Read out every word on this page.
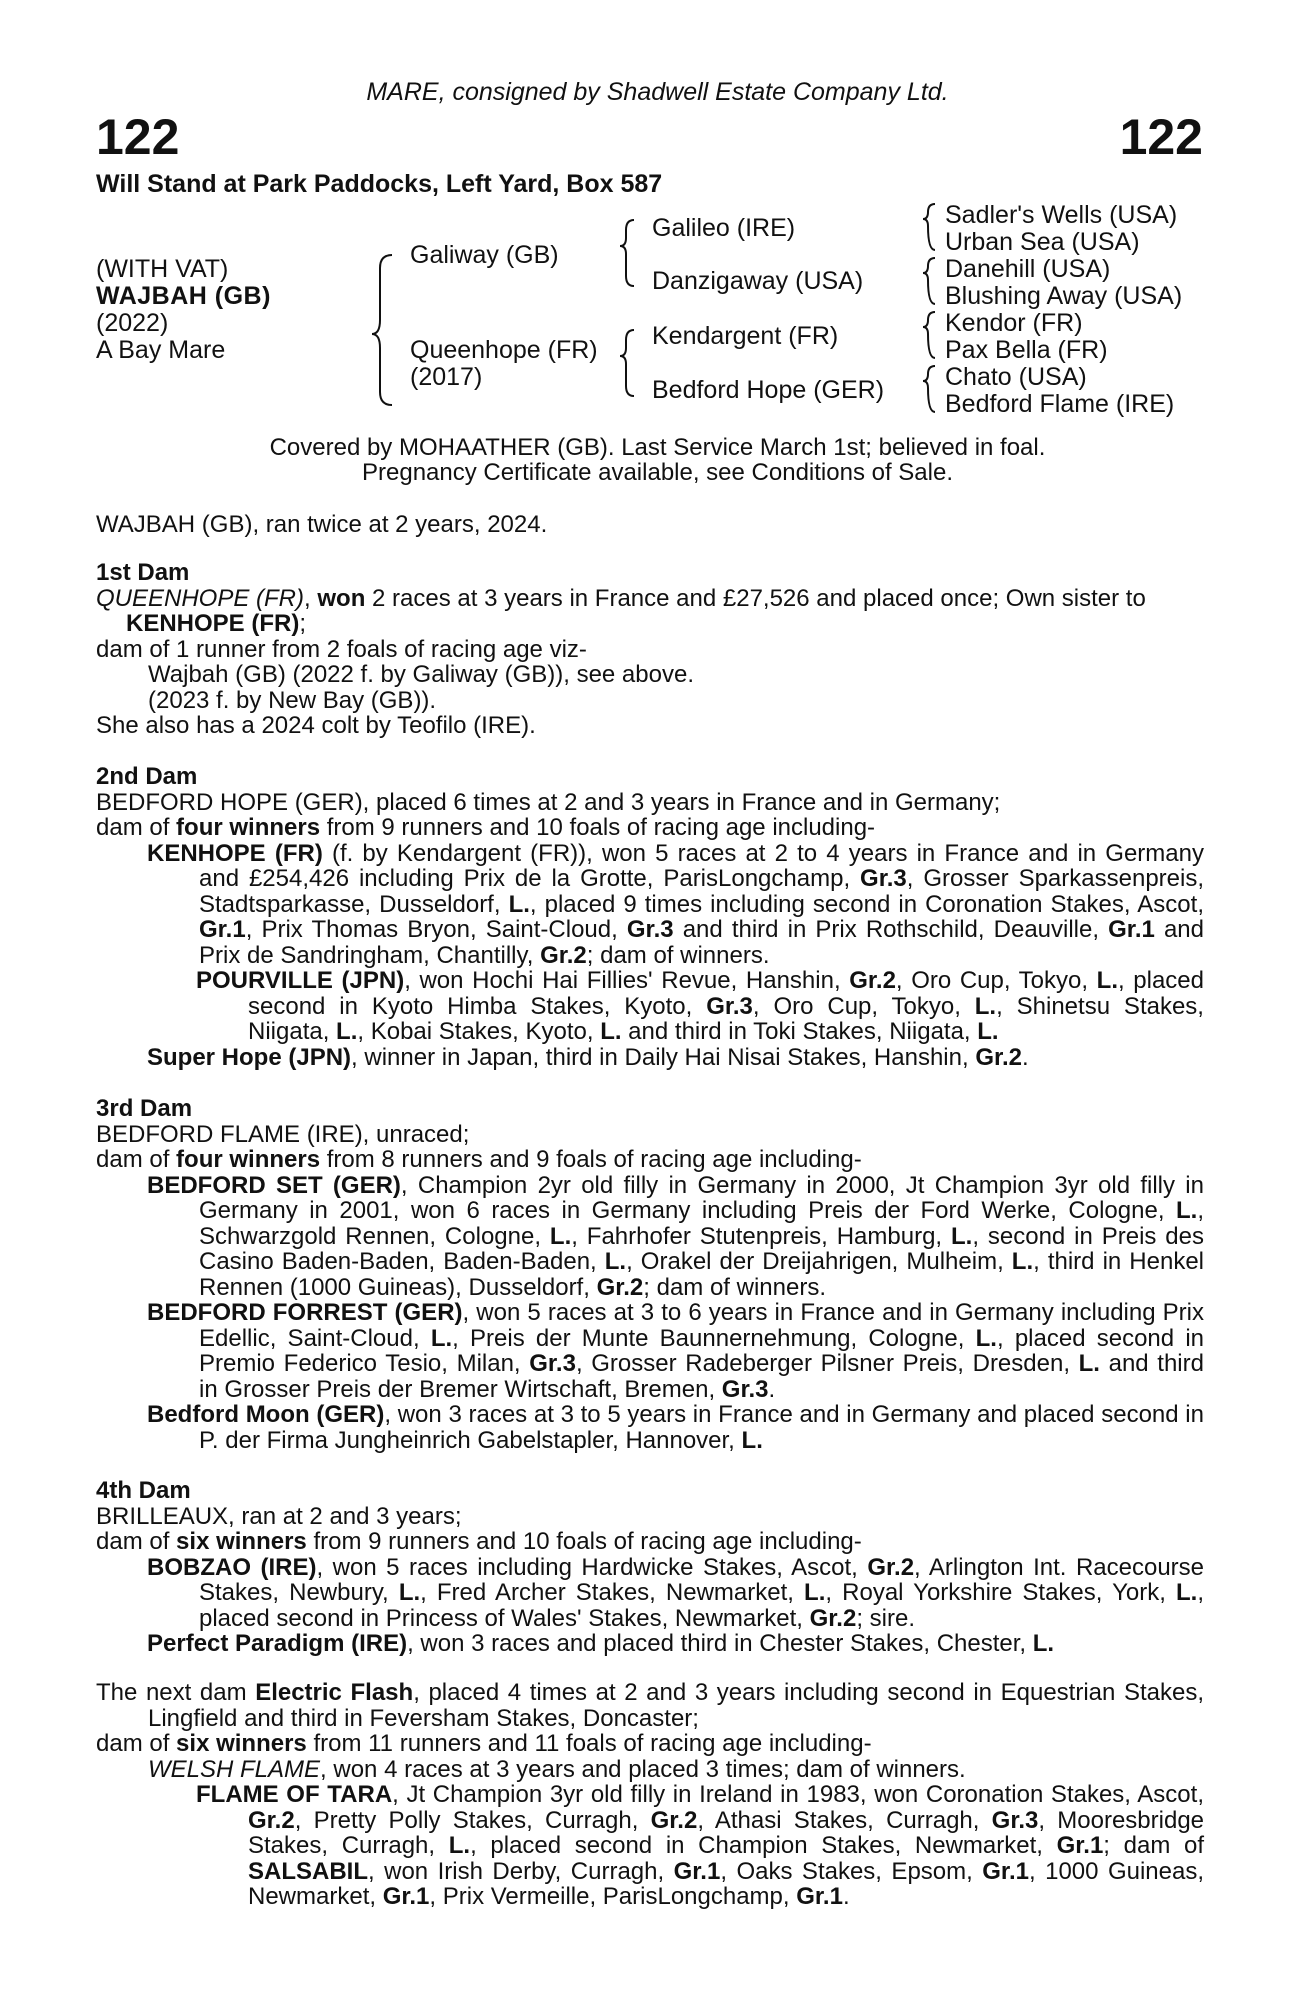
MARE, consigned by Shadwell Estate Company Ltd.
122	122
Will Stand at Park Paddocks, Left Yard, Box 587
(WITH VAT)
WAJBAH (GB)
(2022)
A Bay Mare
Galiway (GB)
Queenhope (FR)
(2017)
Galileo (IRE)
Danzigaway (USA)
Kendargent (FR)
Bedford Hope (GER)
Sadler's Wells (USA)
Urban Sea (USA)
Danehill (USA)
Blushing Away (USA)
Kendor (FR)
Pax Bella (FR)
Chato (USA)
Bedford Flame (IRE)
Covered by MOHAATHER (GB). Last Service March 1st; believed in foal.
Pregnancy Certificate available, see Conditions of Sale.

WAJBAH (GB), ran twice at 2 years, 2024.

1st Dam

QUEENHOPE (FR), won 2 races at 3 years in France and £27,526 and placed once; Own sister to KENHOPE (FR);

dam of 1 runner from 2 foals of racing age viz-

Wajbah (GB) (2022 f. by Galiway (GB)), see above.

(2023 f. by New Bay (GB)).

She also has a 2024 colt by Teofilo (IRE).

2nd Dam

BEDFORD HOPE (GER), placed 6 times at 2 and 3 years in France and in Germany;

dam of four winners from 9 runners and 10 foals of racing age including-

KENHOPE (FR) (f. by Kendargent (FR)), won 5 races at 2 to 4 years in France and in Germany and £254,426 including Prix de la Grotte, ParisLongchamp, Gr.3, Grosser Sparkassenpreis, Stadtsparkasse, Dusseldorf, L., placed 9 times including second in Coronation Stakes, Ascot, Gr.1, Prix Thomas Bryon, Saint-Cloud, Gr.3 and third in Prix Rothschild, Deauville, Gr.1 and Prix de Sandringham, Chantilly, Gr.2; dam of winners.

POURVILLE (JPN), won Hochi Hai Fillies' Revue, Hanshin, Gr.2, Oro Cup, Tokyo, L., placed second in Kyoto Himba Stakes, Kyoto, Gr.3, Oro Cup, Tokyo, L., Shinetsu Stakes, Niigata, L., Kobai Stakes, Kyoto, L. and third in Toki Stakes, Niigata, L.

Super Hope (JPN), winner in Japan, third in Daily Hai Nisai Stakes, Hanshin, Gr.2.

3rd Dam

BEDFORD FLAME (IRE), unraced;

dam of four winners from 8 runners and 9 foals of racing age including-

BEDFORD SET (GER), Champion 2yr old filly in Germany in 2000, Jt Champion 3yr old filly in Germany in 2001, won 6 races in Germany including Preis der Ford Werke, Cologne, L., Schwarzgold Rennen, Cologne, L., Fahrhofer Stutenpreis, Hamburg, L., second in Preis des Casino Baden-Baden, Baden-Baden, L., Orakel der Dreijahrigen, Mulheim, L., third in Henkel Rennen (1000 Guineas), Dusseldorf, Gr.2; dam of winners.

BEDFORD FORREST (GER), won 5 races at 3 to 6 years in France and in Germany including Prix Edellic, Saint-Cloud, L., Preis der Munte Baunnernehmung, Cologne, L., placed second in Premio Federico Tesio, Milan, Gr.3, Grosser Radeberger Pilsner Preis, Dresden, L. and third in Grosser Preis der Bremer Wirtschaft, Bremen, Gr.3.

Bedford Moon (GER), won 3 races at 3 to 5 years in France and in Germany and placed second in P. der Firma Jungheinrich Gabelstapler, Hannover, L.

4th Dam

BRILLEAUX, ran at 2 and 3 years;

dam of six winners from 9 runners and 10 foals of racing age including-

BOBZAO (IRE), won 5 races including Hardwicke Stakes, Ascot, Gr.2, Arlington Int. Racecourse Stakes, Newbury, L., Fred Archer Stakes, Newmarket, L., Royal Yorkshire Stakes, York, L., placed second in Princess of Wales' Stakes, Newmarket, Gr.2; sire.

Perfect Paradigm (IRE), won 3 races and placed third in Chester Stakes, Chester, L.

The next dam Electric Flash, placed 4 times at 2 and 3 years including second in Equestrian Stakes, Lingfield and third in Feversham Stakes, Doncaster;

dam of six winners from 11 runners and 11 foals of racing age including-

WELSH FLAME, won 4 races at 3 years and placed 3 times; dam of winners.

FLAME OF TARA, Jt Champion 3yr old filly in Ireland in 1983, won Coronation Stakes, Ascot, Gr.2, Pretty Polly Stakes, Curragh, Gr.2, Athasi Stakes, Curragh, Gr.3, Mooresbridge Stakes, Curragh, L., placed second in Champion Stakes, Newmarket, Gr.1; dam of SALSABIL, won Irish Derby, Curragh, Gr.1, Oaks Stakes, Epsom, Gr.1, 1000 Guineas, Newmarket, Gr.1, Prix Vermeille, ParisLongchamp, Gr.1.
